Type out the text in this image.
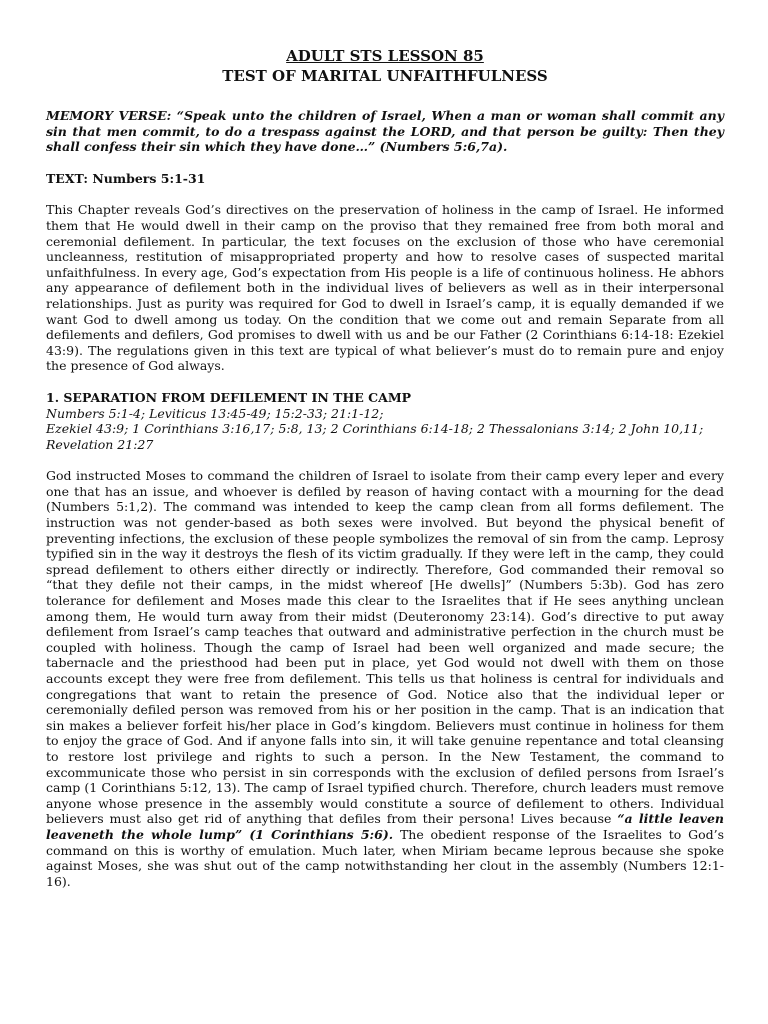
ADULT STS LESSON 85
TEST OF MARITAL UNFAITHFULNESS

MEMORY VERSE: “Speak unto the children of Israel, When a man or woman shall commit any sin that men commit, to do a trespass against the LORD, and that person be guilty: Then they shall confess their sin which they have done…” (Numbers 5:6,7a).

TEXT: Numbers 5:1-31

This Chapter reveals God’s directives on the preservation of holiness in the camp of Israel. He informed them that He would dwell in their camp on the proviso that they remained free from both moral and ceremonial defilement. In particular, the text focuses on the exclusion of those who have ceremonial uncleanness, restitution of misappropriated property and how to resolve cases of suspected marital unfaithfulness. In every age, God’s expectation from His people is a life of continuous holiness. He abhors any appearance of defilement both in the individual lives of believers as well as in their interpersonal relationships. Just as purity was required for God to dwell in Israel’s camp, it is equally demanded if we want God to dwell among us today. On the condition that we come out and remain Separate from all defilements and defilers, God promises to dwell with us and be our Father (2 Corinthians 6:14-18: Ezekiel 43:9). The regulations given in this text are typical of what believer’s must do to remain pure and enjoy the presence of God always.

1. SEPARATION FROM DEFILEMENT IN THE CAMP
Numbers 5:1-4; Leviticus 13:45-49; 15:2-33; 21:1-12;
Ezekiel 43:9; 1 Corinthians 3:16,17; 5:8, 13; 2 Corinthians 6:14-18; 2 Thessalonians 3:14; 2 John 10,11; Revelation 21:27

God instructed Moses to command the children of Israel to isolate from their camp every leper and every one that has an issue, and whoever is defiled by reason of having contact with a mourning for the dead (Numbers 5:1,2). The command was intended to keep the camp clean from all forms defilement. The instruction was not gender-based as both sexes were involved. But beyond the physical benefit of preventing infections, the exclusion of these people symbolizes the removal of sin from the camp. Leprosy typified sin in the way it destroys the flesh of its victim gradually. If they were left in the camp, they could spread defilement to others either directly or indirectly. Therefore, God commanded their removal so “that they defile not their camps, in the midst whereof [He dwells]” (Numbers 5:3b). God has zero tolerance for defilement and Moses made this clear to the Israelites that if He sees anything unclean among them, He would turn away from their midst (Deuteronomy 23:14). God’s directive to put away defilement from Israel’s camp teaches that outward and administrative perfection in the church must be coupled with holiness. Though the camp of Israel had been well organized and made secure; the tabernacle and the priesthood had been put in place, yet God would not dwell with them on those accounts except they were free from defilement. This tells us that holiness is central for individuals and congregations that want to retain the presence of God. Notice also that the individual leper or ceremonially defiled person was removed from his or her position in the camp. That is an indication that sin makes a believer forfeit his/her place in God’s kingdom. Believers must continue in holiness for them to enjoy the grace of God. And if anyone falls into sin, it will take genuine repentance and total cleansing to restore lost privilege and rights to such a person. In the New Testament, the command to excommunicate those who persist in sin corresponds with the exclusion of defiled persons from Israel’s camp (1 Corinthians 5:12, 13). The camp of Israel typified church. Therefore, church leaders must remove anyone whose presence in the assembly would constitute a source of defilement to others. Individual believers must also get rid of anything that defiles from their persona! Lives because “a little leaven leaveneth the whole lump” (1 Corinthians 5:6). The obedient response of the Israelites to God’s command on this is worthy of emulation. Much later, when Miriam became leprous because she spoke against Moses, she was shut out of the camp notwithstanding her clout in the assembly (Numbers 12:1-16).
